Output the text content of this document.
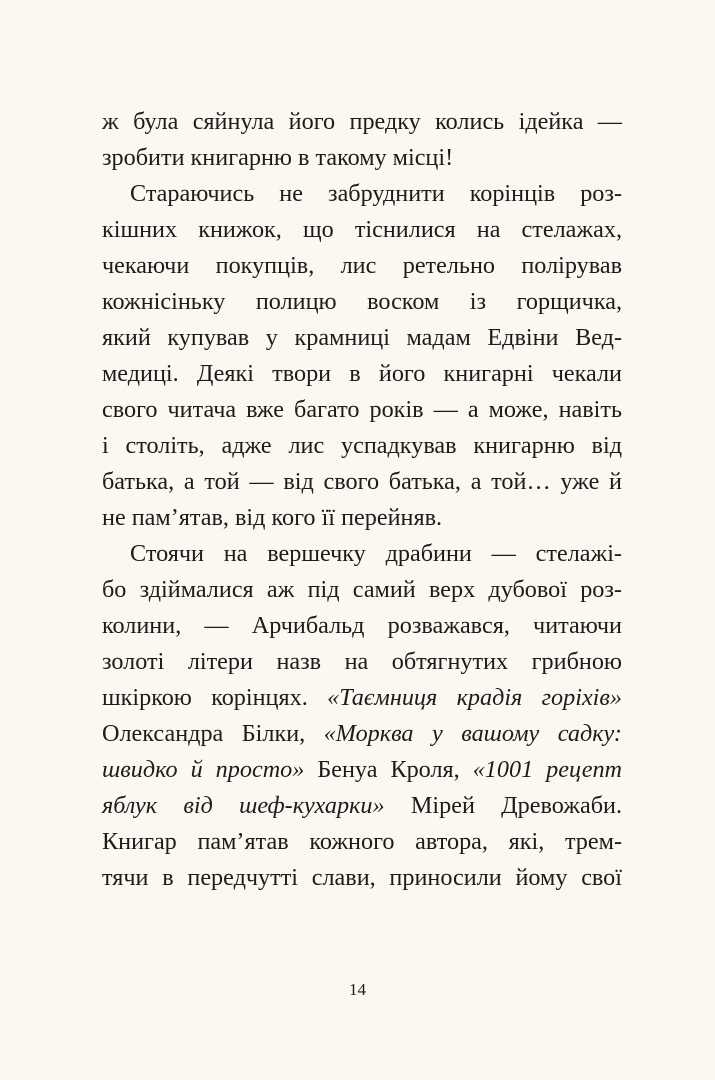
ж була сяйнула його предку колись ідейка —
зробити книгарню в такому місці!
Стараючись не забруднити корінців роз-
кішних книжок, що тіснилися на стелажах,
чекаючи покупців, лис ретельно полірував
кожнісіньку полицю воском із горщичка,
який купував у крамниці мадам Едвіни Вед-
медиці. Деякі твори в його книгарні чекали
свого читача вже багато років — а може, навіть
і століть, адже лис успадкував книгарню від
батька, а той — від свого батька, а той… уже й
не пам’ятав, від кого її перейняв.
Стоячи на вершечку драбини — стелажі-
бо здіймалися аж під самий верх дубової роз-
колини, — Арчибальд розважався, читаючи
золоті літери назв на обтягнутих грибною
шкіркою корінцях. «Таємниця крадія горіхів»
Олександра Білки, «Морква у вашому садку:
швидко й просто» Бенуа Кроля, «1001 рецепт
яблук від шеф-кухарки» Мірей Древожаби.
Книгар пам’ятав кожного автора, які, трем-
тячи в передчутті слави, приносили йому свої
14
